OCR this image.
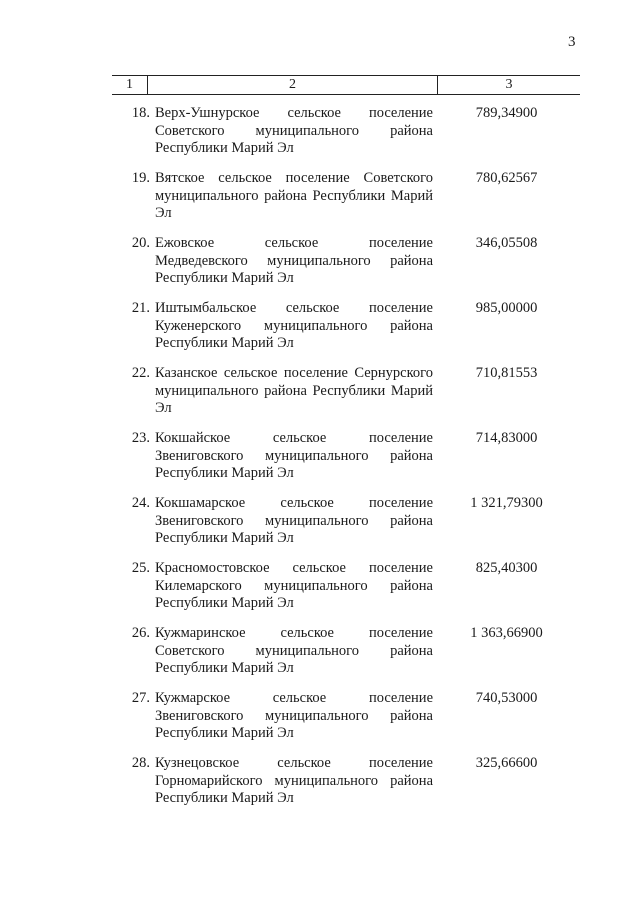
3
1	2	3
18. Верх-Ушнурское сельское поселение Советского муниципального района Республики Марий Эл
789,34900
19. Вятское сельское поселение Советского муниципального района Республики Марий Эл
780,62567
20. Ежовское сельское поселение Медведевского муниципального района Республики Марий Эл
346,05508
21. Иштымбальское сельское поселение Куженерского муниципального района Республики Марий Эл
985,00000
22. Казанское сельское поселение Сернурского муниципального района Республики Марий Эл
710,81553
23. Кокшайское сельское поселение Звениговского муниципального района Республики Марий Эл
714,83000
24. Кокшамарское сельское поселение Звениговского муниципального района Республики Марий Эл
1 321,79300
25. Красномостовское сельское поселение Килемарского муниципального района Республики Марий Эл
825,40300
26. Кужмаринское сельское поселение Советского муниципального района Республики Марий Эл
1 363,66900
27. Кужмарское сельское поселение Звениговского муниципального района Республики Марий Эл
740,53000
28. Кузнецовское сельское поселение Горномарийского муниципального района Республики Марий Эл
325,66600
